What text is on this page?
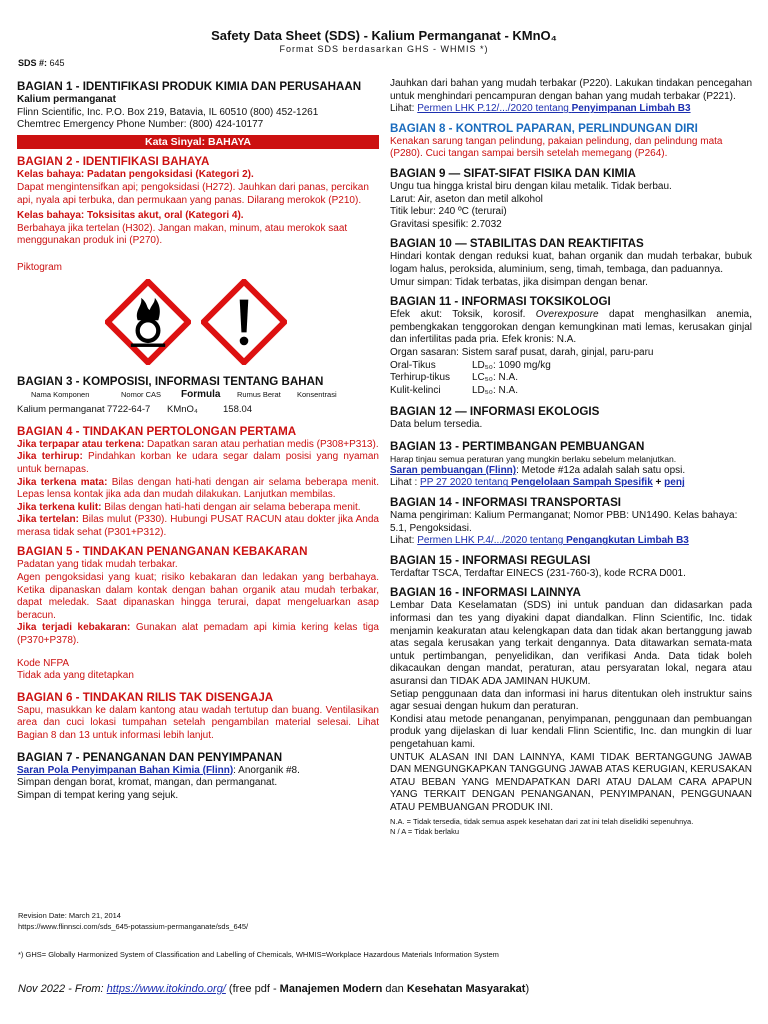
Safety Data Sheet (SDS) - Kalium Permanganat - KMnO₄
Format SDS berdasarkan GHS - WHMIS *)
SDS #: 645
BAGIAN 1 - IDENTIFIKASI PRODUK KIMIA DAN PERUSAHAAN

Kalium permanganat

Flinn Scientific, Inc. P.O. Box 219, Batavia, IL 60510 (800) 452-1261

Chemtrec Emergency Phone Number: (800) 424-10177

Kata Sinyal: BAHAYA
BAGIAN 2 - IDENTIFIKASI BAHAYA

Kelas bahaya: Padatan pengoksidasi (Kategori 2).

Dapat mengintensifkan api; pengoksidasi (H272). Jauhkan dari panas, percikan api, nyala api terbuka, dan permukaan yang panas. Dilarang merokok (P210).

Kelas bahaya: Toksisitas akut, oral (Kategori 4).

Berbahaya jika tertelan (H302). Jangan makan, minum, atau merokok saat menggunakan produk ini (P270).

Piktogram

BAGIAN 3 - KOMPOSISI, INFORMASI TENTANG BAHAN
Nama Komponen	Nomor CAS	Formula	Rumus Berat	Konsentrasi
Kalium permanganat 7722-64-7	KMnO₄	158.04
BAGIAN 4 - TINDAKAN PERTOLONGAN PERTAMA

Jika terpapar atau terkena: Dapatkan saran atau perhatian medis (P308+P313).

Jika terhirup: Pindahkan korban ke udara segar dalam posisi yang nyaman untuk bernapas.

Jika terkena mata: Bilas dengan hati-hati dengan air selama beberapa menit. Lepas lensa kontak jika ada dan mudah dilakukan. Lanjutkan membilas.

Jika terkena kulit: Bilas dengan hati-hati dengan air selama beberapa menit.

Jika tertelan: Bilas mulut (P330). Hubungi PUSAT RACUN atau dokter jika Anda merasa tidak sehat (P301+P312).

BAGIAN 5 - TINDAKAN PENANGANAN KEBAKARAN

Padatan yang tidak mudah terbakar.
Agen pengoksidasi yang kuat; risiko kebakaran dan ledakan yang berbahaya. Ketika dipanaskan dalam kontak dengan bahan organik atau mudah terbakar, dapat meledak. Saat dipanaskan hingga terurai, dapat mengeluarkan asap beracun.

Jika terjadi kebakaran: Gunakan alat pemadam api kimia kering kelas tiga (P370+P378).

Kode NFPA

Tidak ada yang ditetapkan

BAGIAN 6 - TINDAKAN RILIS TAK DISENGAJA

Sapu, masukkan ke dalam kantong atau wadah tertutup dan buang. Ventilasikan area dan cuci lokasi tumpahan setelah pengambilan material selesai. Lihat Bagian 8 dan 13 untuk informasi lebih lanjut.

BAGIAN 7 - PENANGANAN DAN PENYIMPANAN

Saran Pola Penyimpanan Bahan Kimia (Flinn): Anorganik #8.

Simpan dengan borat, kromat, mangan, dan permanganat.

Simpan di tempat kering yang sejuk.

Jauhkan dari bahan yang mudah terbakar (P220). Lakukan tindakan pencegahan untuk menghindari pencampuran dengan bahan yang mudah terbakar (P221).

Lihat: Permen LHK P.12/.../2020 tentang Penyimpanan Limbah B3

BAGIAN 8 - KONTROL PAPARAN, PERLINDUNGAN DIRI

Kenakan sarung tangan pelindung, pakaian pelindung, dan pelindung mata (P280). Cuci tangan sampai bersih setelah memegang (P264).

BAGIAN 9 — SIFAT-SIFAT FISIKA DAN KIMIA

Ungu tua hingga kristal biru dengan kilau metalik. Tidak berbau.

Larut: Air, aseton dan metil alkohol

Titik lebur: 240 ºC (terurai)

Gravitasi spesifik: 2.7032

BAGIAN 10 — STABILITAS DAN REAKTIFITAS

Hindari kontak dengan reduksi kuat, bahan organik dan mudah terbakar, bubuk logam halus, peroksida, aluminium, seng, timah, tembaga, dan paduannya.

Umur simpan: Tidak terbatas, jika disimpan dengan benar.

BAGIAN 11 - INFORMASI TOKSIKOLOGI

Efek akut: Toksik, korosif. Overexposure dapat menghasilkan anemia, pembengkakan tenggorokan dengan kemungkinan mati lemas, kerusakan ginjal dan infertilitas pada pria. Efek kronis: N.A.

Organ sasaran: Sistem saraf pusat, darah, ginjal, paru-paru

Oral-Tikus	LD₅₀: 1090 mg/kg

Terhirup-tikus LC₅₀: N.A.

Kulit-kelinci	LD₅₀: N.A.

BAGIAN 12 — INFORMASI EKOLOGIS

Data belum tersedia.

BAGIAN 13 - PERTIMBANGAN PEMBUANGAN

Harap tinjau semua peraturan yang mungkin berlaku sebelum melanjutkan.

Saran pembuangan (Flinn): Metode #12a adalah salah satu opsi.

Lihat : PP 27 2020 tentang Pengelolaan Sampah Spesifik + penj

BAGIAN 14 - INFORMASI TRANSPORTASI

Nama pengiriman: Kalium Permanganat; Nomor PBB: UN1490. Kelas bahaya: 5.1, Pengoksidasi.

Lihat: Permen LHK P.4/.../2020 tentang Pengangkutan Limbah B3

BAGIAN 15 - INFORMASI REGULASI

Terdaftar TSCA, Terdaftar EINECS (231-760-3), kode RCRA D001.

BAGIAN 16 - INFORMASI LAINNYA

Lembar Data Keselamatan (SDS) ini untuk panduan dan didasarkan pada informasi dan tes yang diyakini dapat diandalkan. Flinn Scientific, Inc. tidak menjamin keakuratan atau kelengkapan data dan tidak akan bertanggung jawab atas segala kerusakan yang terkait dengannya. Data ditawarkan semata-mata untuk pertimbangan, penyelidikan, dan verifikasi Anda. Data tidak boleh dikacaukan dengan mandat, peraturan, atau persyaratan lokal, negara atau asuransi dan TIDAK ADA JAMINAN HUKUM.

Setiap penggunaan data dan informasi ini harus ditentukan oleh instruktur sains agar sesuai dengan hukum dan peraturan.

Kondisi atau metode penanganan, penyimpanan, penggunaan dan pembuangan produk yang dijelaskan di luar kendali Flinn Scientific, Inc. dan mungkin di luar pengetahuan kami.

UNTUK ALASAN INI DAN LAINNYA, KAMI TIDAK BERTANGGUNG JAWAB DAN MENGUNGKAPKAN TANGGUNG JAWAB ATAS KERUGIAN, KERUSAKAN ATAU BEBAN YANG MENDAPATKAN DARI ATAU DALAM CARA APAPUN YANG TERKAIT DENGAN PENANGANAN, PENYIMPANAN, PENGGUNAAN ATAU PEMBUANGAN PRODUK INI.

N.A. = Tidak tersedia, tidak semua aspek kesehatan dari zat ini telah diselidiki sepenuhnya.

N / A = Tidak berlaku

Revision Date: March 21, 2014
https://www.flinnsci.com/sds_645-potassium-permanganate/sds_645/
*) GHS= Globally Harmonized System of Classification and Labelling of Chemicals, WHMIS=Workplace Hazardous Materials Information System
Nov 2022 - From: https://www.itokindo.org/ (free pdf - Manajemen Modern dan Kesehatan Masyarakat)
